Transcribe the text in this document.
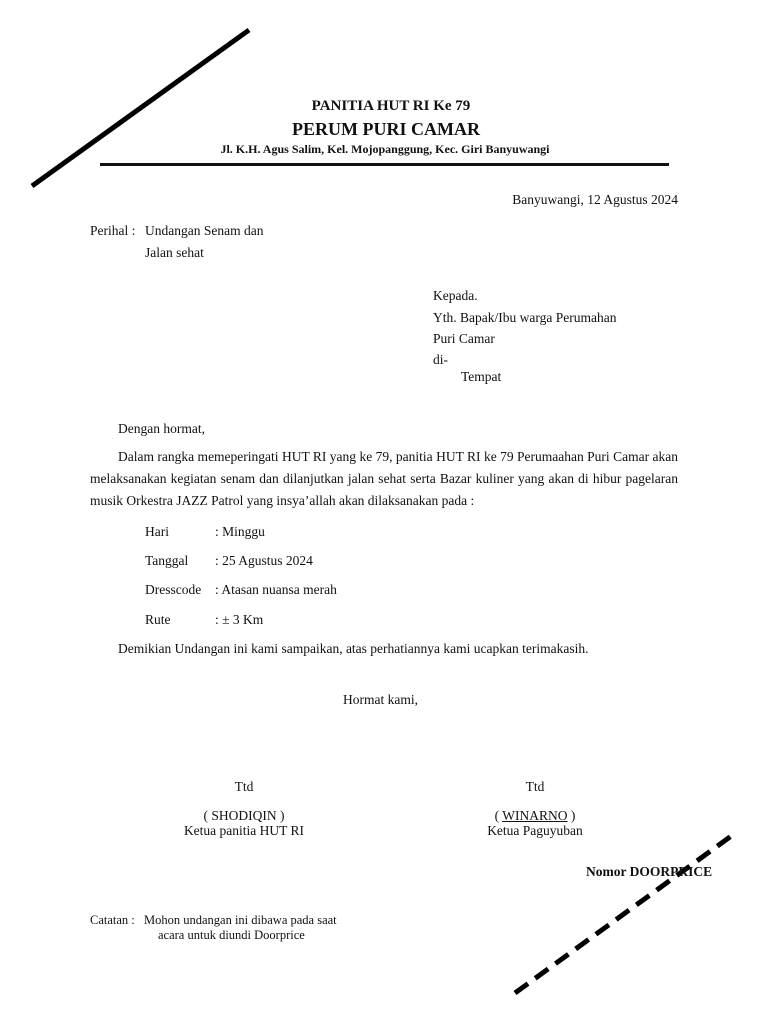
PANITIA HUT RI Ke 79
PERUM PURI CAMAR
Jl. K.H. Agus Salim, Kel. Mojopanggung, Kec. Giri Banyuwangi
Banyuwangi, 12 Agustus 2024
Perihal : Undangan Senam dan
Jalan sehat
Kepada.
Yth. Bapak/Ibu warga Perumahan
Puri Camar
di-
Tempat
Dengan hormat,
Dalam rangka memeperingati HUT RI yang ke 79, panitia HUT RI ke 79 Perumaahan Puri Camar akan melaksanakan kegiatan senam dan dilanjutkan jalan sehat serta Bazar kuliner yang akan di hibur pagelaran musik Orkestra JAZZ Patrol yang insya’allah akan dilaksanakan pada :
Hari	: Minggu
Tanggal : 25 Agustus 2024
Dresscode : Atasan nuansa merah
Rute	: ± 3 Km
Demikian Undangan ini kami sampaikan, atas perhatiannya kami ucapkan terimakasih.
Hormat kami,
Ttd
( SHODIQIN )
Ketua panitia HUT RI
Ttd
( WINARNO )
Ketua Paguyuban
Nomor DOORPRICE
Catatan : Mohon undangan ini dibawa pada saat
acara untuk diundi Doorprice
